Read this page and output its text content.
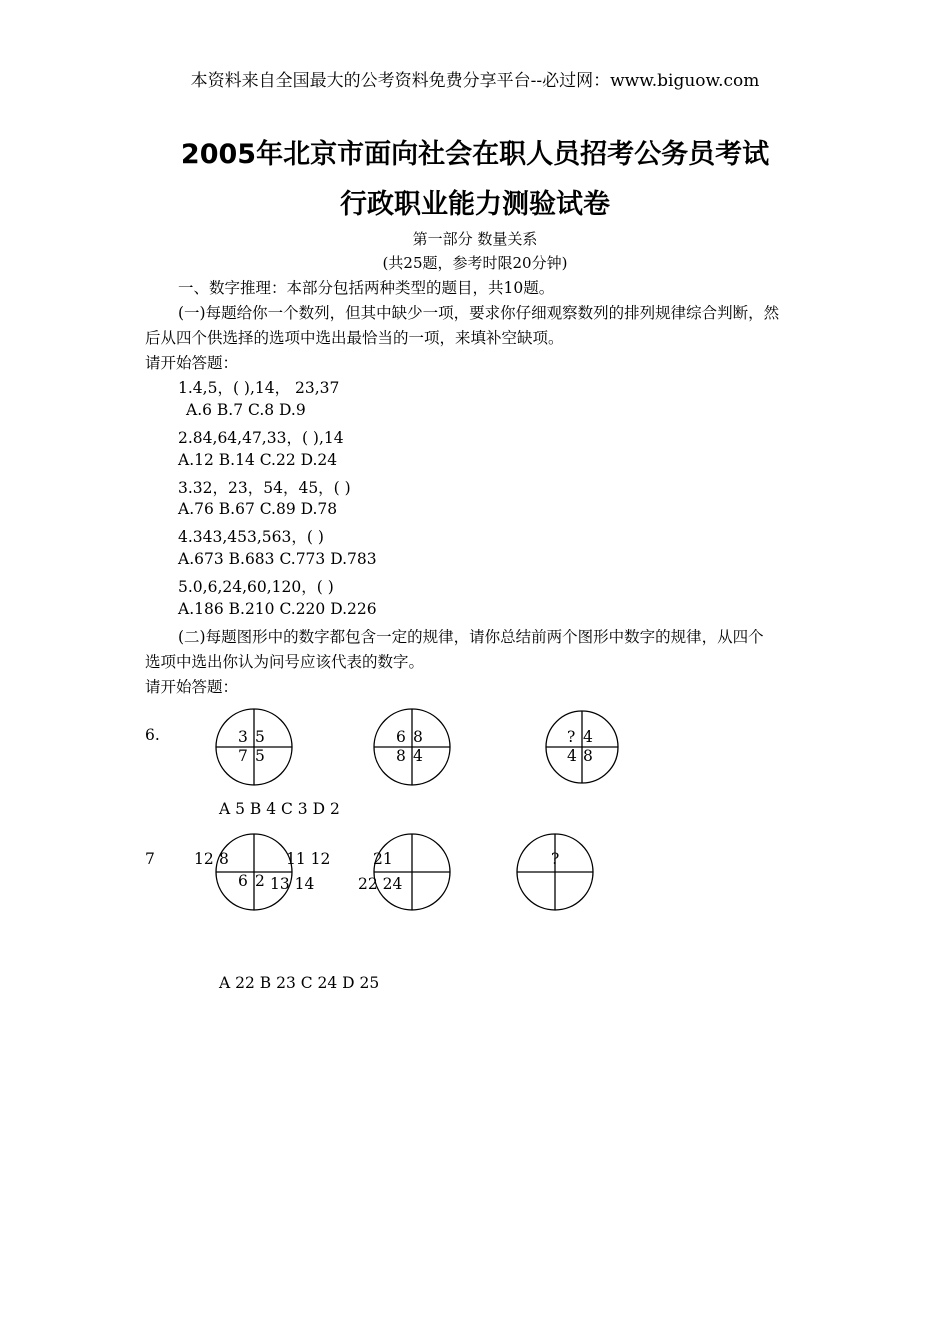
本资料来自全国最大的公考资料免费分享平台--必过网：www.biguow.com
2005年北京市面向社会在职人员招考公务员考试
行政职业能力测验试卷
第一部分 数量关系
(共25题，参考时限20分钟)
一、数字推理：本部分包括两种类型的题目，共10题。
(一)每题给你一个数列，但其中缺少一项，要求你仔细观察数列的排列规律综合判断，然
后从四个供选择的选项中选出最恰当的一项，来填补空缺项。
请开始答题：
1.4,5，( ),14， 23,37
A.6 B.7 C.8 D.9
2.84,64,47,33，( ),14
A.12 B.14 C.22 D.24
3.32，23，54，45，( )
A.76 B.67 C.89 D.78
4.343,453,563，( )
A.673 B.683 C.773 D.783
5.0,6,24,60,120，( )
A.186 B.210 C.220 D.226
(二)每题图形中的数字都包含一定的规律，请你总结前两个图形中数字的规律，从四个
选项中选出你认为问号应该代表的数字。
请开始答题：
6.	3 5
7 5
6 8
8 4
? 4
4 8
12 8	11 12
6 2 13 14
21
22 24
?
A 5 B 4 C 3 D 2
7
A 22 B 23 C 24 D 25
